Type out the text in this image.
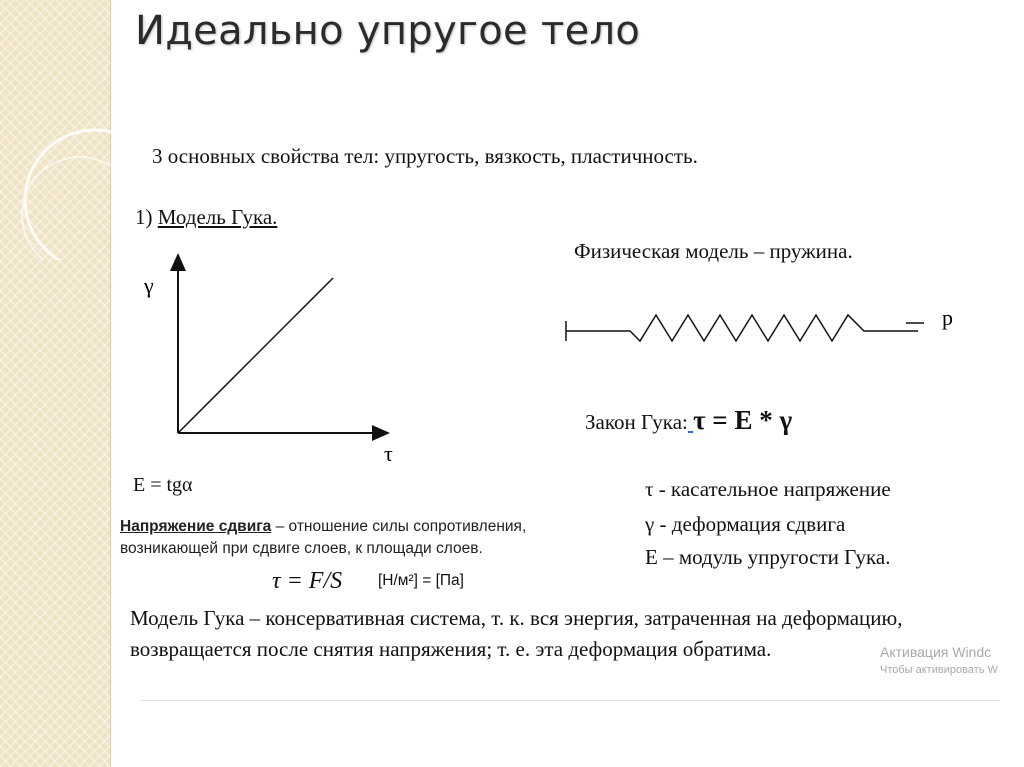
Идеально упругое тело
3 основных свойства тел: упругость, вязкость, пластичность.
1) Модель Гука.
γ
τ
E = tgα
Физическая модель – пружина.
p
Закон Гука: τ = E * γ
τ - касательное напряжение
γ - деформация сдвига
E – модуль упругости Гука.
Напряжение сдвига – отношение силы сопротивления,
возникающей при сдвиге слоев, к площади слоев.
τ = F/S [Н/м²] = [Па]
Модель Гука – консервативная система, т. к. вся энергия, затраченная на деформацию, возвращается после снятия напряжения; т. е. эта деформация обратима.	Активация Windc
Чтобы активировать W
